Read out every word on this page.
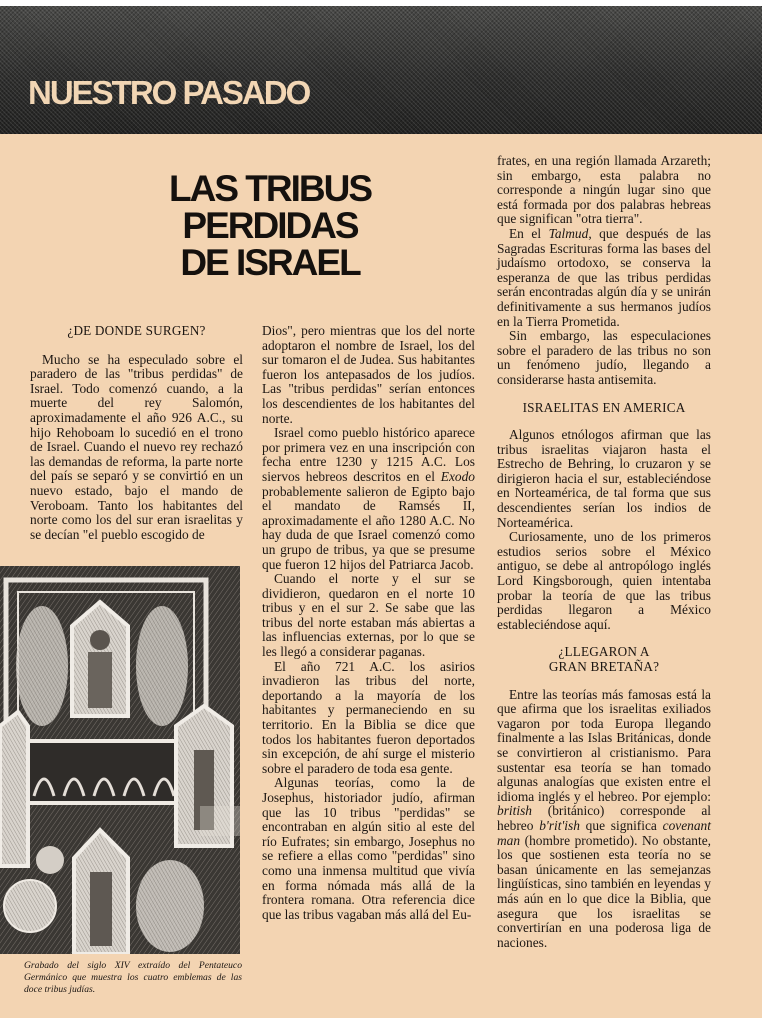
NUESTRO PASADO
LAS TRIBUS
PERDIDAS
DE ISRAEL

¿DE DONDE SURGEN?

Mucho se ha especulado sobre el paradero de las "tribus perdidas" de Israel. Todo comenzó cuando, a la muerte del rey Salomón, aproximadamente el año 926 A.C., su hijo Rehoboam lo sucedió en el trono de Israel. Cuando el nuevo rey rechazó las demandas de reforma, la parte norte del país se separó y se convirtió en un nuevo estado, bajo el mando de Veroboam. Tanto los habitantes del norte como los del sur eran israelitas y se decían "el pueblo escogido de

Grabado del siglo XIV extraído del Pentateuco Germánico que muestra los cuatro emblemas de las doce tribus judías.

Dios", pero mientras que los del norte adoptaron el nombre de Israel, los del sur tomaron el de Judea. Sus habitantes fueron los antepasados de los judíos. Las "tribus perdidas" serían entonces los descendientes de los habitantes del norte.

Israel como pueblo histórico aparece por primera vez en una inscripción con fecha entre 1230 y 1215 A.C. Los siervos hebreos descritos en el Exodo probablemente salieron de Egipto bajo el mandato de Ramsés II, aproximadamente el año 1280 A.C. No hay duda de que Israel comenzó como un grupo de tribus, ya que se presume que fueron 12 hijos del Patriarca Jacob.

Cuando el norte y el sur se dividieron, quedaron en el norte 10 tribus y en el sur 2. Se sabe que las tribus del norte estaban más abiertas a las influencias externas, por lo que se les llegó a considerar paganas.

El año 721 A.C. los asirios invadieron las tribus del norte, deportando a la mayoría de los habitantes y permaneciendo en su territorio. En la Biblia se dice que todos los habitantes fueron deportados sin excepción, de ahí surge el misterio sobre el paradero de toda esa gente.

Algunas teorías, como la de Josephus, historiador judío, afirman que las 10 tribus "perdidas" se encontraban en algún sitio al este del río Eufrates; sin embargo, Josephus no se refiere a ellas como "perdidas" sino como una inmensa multitud que vivía en forma nómada más allá de la frontera romana. Otra referencia dice que las tribus vagaban más allá del Eu-

frates, en una región llamada Arzareth; sin embargo, esta palabra no corresponde a ningún lugar sino que está formada por dos palabras hebreas que significan "otra tierra".

En el Talmud, que después de las Sagradas Escrituras forma las bases del judaísmo ortodoxo, se conserva la esperanza de que las tribus perdidas serán encontradas algún día y se unirán definitivamente a sus hermanos judíos en la Tierra Prometida.

Sin embargo, las especulaciones sobre el paradero de las tribus no son un fenómeno judío, llegando a considerarse hasta antisemita.

ISRAELITAS EN AMERICA

Algunos etnólogos afirman que las tribus israelitas viajaron hasta el Estrecho de Behring, lo cruzaron y se dirigieron hacia el sur, estableciéndose en Norteamérica, de tal forma que sus descendientes serían los indios de Norteamérica.

Curiosamente, uno de los primeros estudios serios sobre el México antiguo, se debe al antropólogo inglés Lord Kingsborough, quien intentaba probar la teoría de que las tribus perdidas llegaron a México estableciéndose aquí.

¿LLEGARON A

GRAN BRETAÑA?

Entre las teorías más famosas está la que afirma que los israelitas exiliados vagaron por toda Europa llegando finalmente a las Islas Británicas, donde se convirtieron al cristianismo. Para sustentar esa teoría se han tomado algunas analogías que existen entre el idioma inglés y el hebreo. Por ejemplo: british (británico) corresponde al hebreo b'rit'ish que significa covenant man (hombre prometido). No obstante, los que sostienen esta teoría no se basan únicamente en las semejanzas lingüísticas, sino también en leyendas y más aún en lo que dice la Biblia, que asegura que los israelitas se convertirían en una poderosa liga de naciones.
